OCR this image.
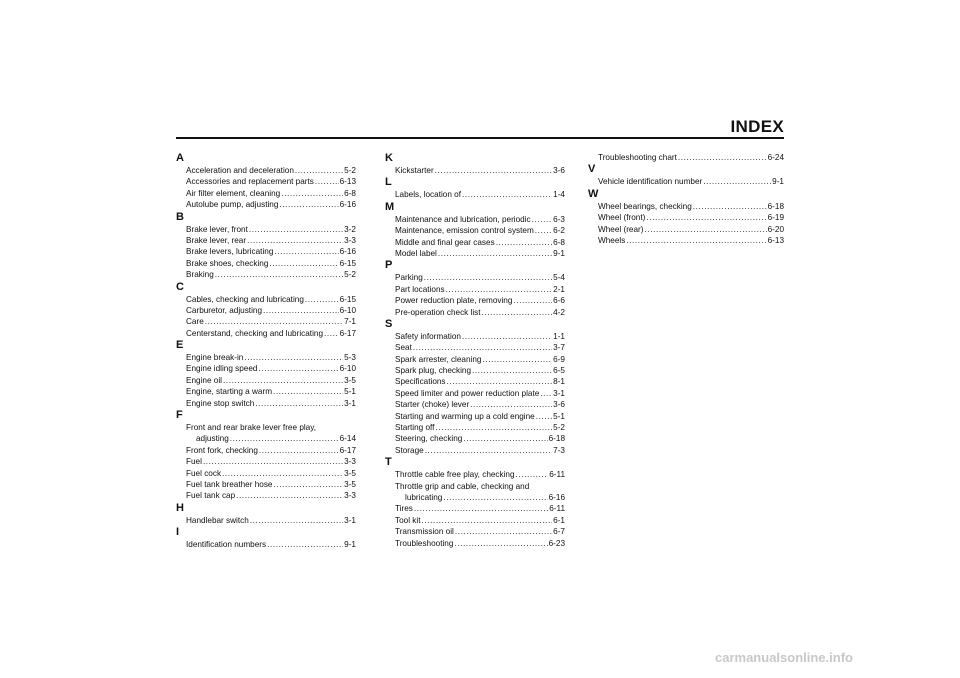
INDEX
A
Acceleration and deceleration .....	5-2
Accessories and replacement parts .....	6-13
Air filter element, cleaning .....	6-8
Autolube pump, adjusting .....	6-16
B
Brake lever, front .....	3-2
Brake lever, rear .....	3-3
Brake levers, lubricating .....	6-16
Brake shoes, checking .....	6-15
Braking .....	5-2
C
Cables, checking and lubricating .....	6-15
Carburetor, adjusting .....	6-10
Care .....	7-1
Centerstand, checking and lubricating ..... 6-17
E
Engine break-in .....	5-3
Engine idling speed .....	6-10
Engine oil .....	3-5
Engine, starting a warm .....	5-1
Engine stop switch .....	3-1
F
Front and rear brake lever free play,
adjusting .....	6-14
Front fork, checking .....	6-17
Fuel .....	3-3
Fuel cock .....	3-5
Fuel tank breather hose .....	3-5
Fuel tank cap .....	3-3
H
Handlebar switch .....	3-1
I
Identification numbers .....	9-1
K
Kickstarter .....	3-6
L
Labels, location of .....	1-4
M
Maintenance and lubrication, periodic .....	6-3
Maintenance, emission control system ..... 6-2
Middle and final gear cases .....	6-8
Model label .....	9-1
P
Parking .....	5-4
Part locations .....	2-1
Power reduction plate, removing .....	6-6
Pre-operation check list .....	4-2
S
Safety information .....	1-1
Seat .....	3-7
Spark arrester, cleaning .....	6-9
Spark plug, checking .....	6-5
Specifications .....	8-1
Speed limiter and power reduction plate ..... 3-1
Starter (choke) lever .....	3-6
Starting and warming up a cold engine ..... 5-1
Starting off .....	5-2
Steering, checking .....	6-18
Storage .....	7-3
T
Throttle cable free play, checking .....	6-11
Throttle grip and cable, checking and
lubricating .....	6-16
Tires .....	6-11
Tool kit .....	6-1
Transmission oil .....	6-7
Troubleshooting .....	6-23
Troubleshooting chart .....	6-24
V
Vehicle identification number .....	9-1
W
Wheel bearings, checking .....	6-18
Wheel (front) .....	6-19
Wheel (rear) .....	6-20
Wheels .....	6-13
carmanualsonline.info
